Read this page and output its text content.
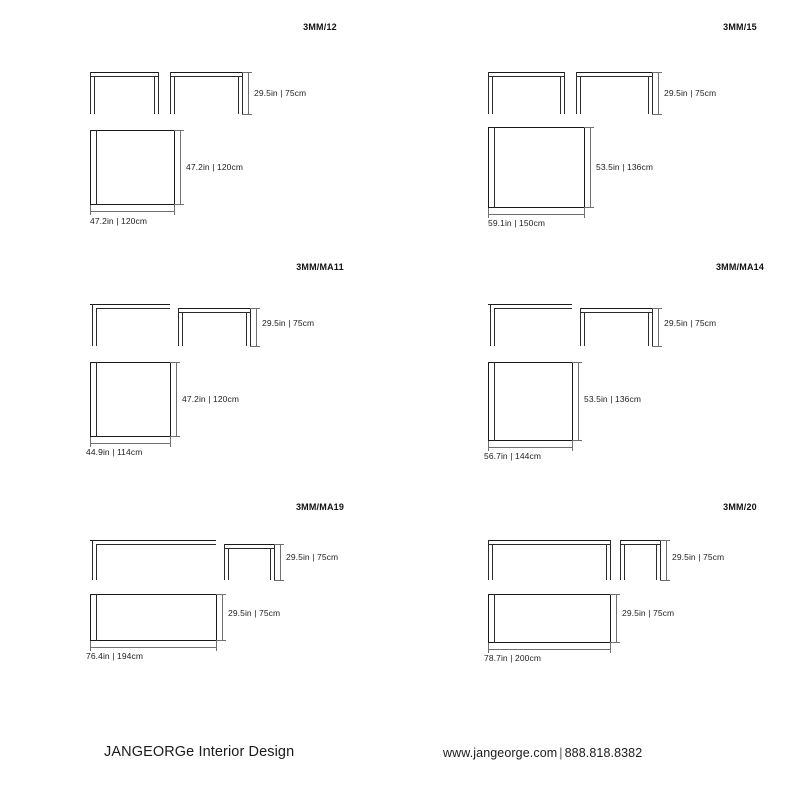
3MM/12
29.5in | 75cm
47.2in | 120cm
47.2in | 120cm
3MM/15
29.5in | 75cm
53.5in | 136cm
59.1in | 150cm
3MM/MA11
29.5in | 75cm
47.2in | 120cm
44.9in | 114cm
3MM/MA14
29.5in | 75cm
53.5in | 136cm
56.7in | 144cm
3MM/MA19
29.5in | 75cm
29.5in | 75cm
76.4in | 194cm
3MM/20
29.5in | 75cm
29.5in | 75cm
78.7in | 200cm
JANGEORGe Interior Design	www.jangeorge.com | 888.818.8382
